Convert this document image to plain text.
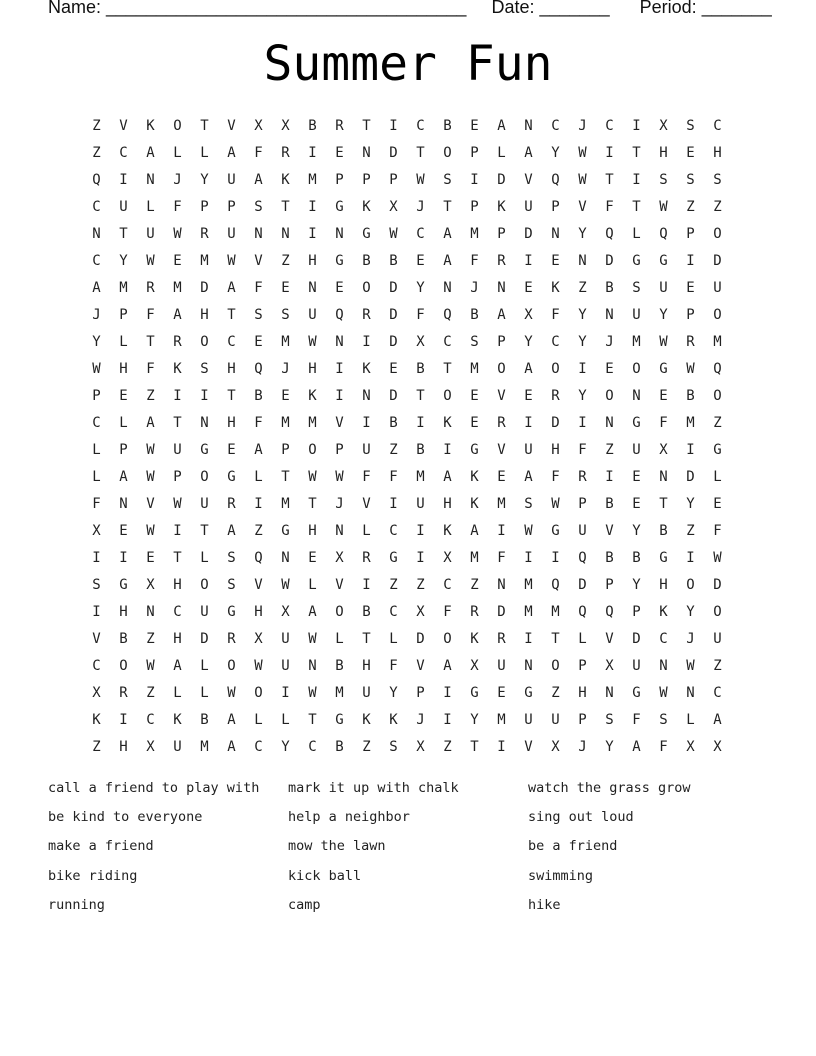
Name: ____________________________________ Date: _______ Period: _______
Summer Fun
Z	V	K	O	T	V	X	X	B	R	T	I	C	B	E	A	N	C	J	C	I	X	S	C
Z	C	A	L	L	A	F	R	I	E	N	D	T	O	P	L	A	Y	W	I	T	H	E	H
Q	I	N	J	Y	U	A	K	M	P	P	P	W	S	I	D	V	Q	W	T	I	S	S	S
C	U	L	F	P	P	S	T	I	G	K	X	J	T	P	K	U	P	V	F	T	W	Z	Z
N	T	U	W	R	U	N	N	I	N	G	W	C	A	M	P	D	N	Y	Q	L	Q	P	O
C	Y	W	E	M	W	V	Z	H	G	B	B	E	A	F	R	I	E	N	D	G	G	I	D
A	M	R	M	D	A	F	E	N	E	O	D	Y	N	J	N	E	K	Z	B	S	U	E	U
J	P	F	A	H	T	S	S	U	Q	R	D	F	Q	B	A	X	F	Y	N	U	Y	P	O
Y	L	T	R	O	C	E	M	W	N	I	D	X	C	S	P	Y	C	Y	J	M	W	R	M
W	H	F	K	S	H	Q	J	H	I	K	E	B	T	M	O	A	O	I	E	O	G	W	Q
P	E	Z	I	I	T	B	E	K	I	N	D	T	O	E	V	E	R	Y	O	N	E	B	O
C	L	A	T	N	H	F	M	M	V	I	B	I	K	E	R	I	D	I	N	G	F	M	Z
L	P	W	U	G	E	A	P	O	P	U	Z	B	I	G	V	U	H	F	Z	U	X	I	G
L	A	W	P	O	G	L	T	W	W	F	F	M	A	K	E	A	F	R	I	E	N	D	L
F	N	V	W	U	R	I	M	T	J	V	I	U	H	K	M	S	W	P	B	E	T	Y	E
X	E	W	I	T	A	Z	G	H	N	L	C	I	K	A	I	W	G	U	V	Y	B	Z	F
I	I	E	T	L	S	Q	N	E	X	R	G	I	X	M	F	I	I	Q	B	B	G	I	W
S	G	X	H	O	S	V	W	L	V	I	Z	Z	C	Z	N	M	Q	D	P	Y	H	O	D
I	H	N	C	U	G	H	X	A	O	B	C	X	F	R	D	M	M	Q	Q	P	K	Y	O
V	B	Z	H	D	R	X	U	W	L	T	L	D	O	K	R	I	T	L	V	D	C	J	U
C	O	W	A	L	O	W	U	N	B	H	F	V	A	X	U	N	O	P	X	U	N	W	Z
X	R	Z	L	L	W	O	I	W	M	U	Y	P	I	G	E	G	Z	H	N	G	W	N	C
K	I	C	K	B	A	L	L	T	G	K	K	J	I	Y	M	U	U	P	S	F	S	L	A
Z	H	X	U	M	A	C	Y	C	B	Z	S	X	Z	T	I	V	X	J	Y	A	F	X	X
call a friend to play with	mark it up with chalk	watch the grass grow
be kind to everyone	help a neighbor	sing out loud
make a friend	mow the lawn	be a friend
bike riding	kick ball	swimming
running	camp	hike
